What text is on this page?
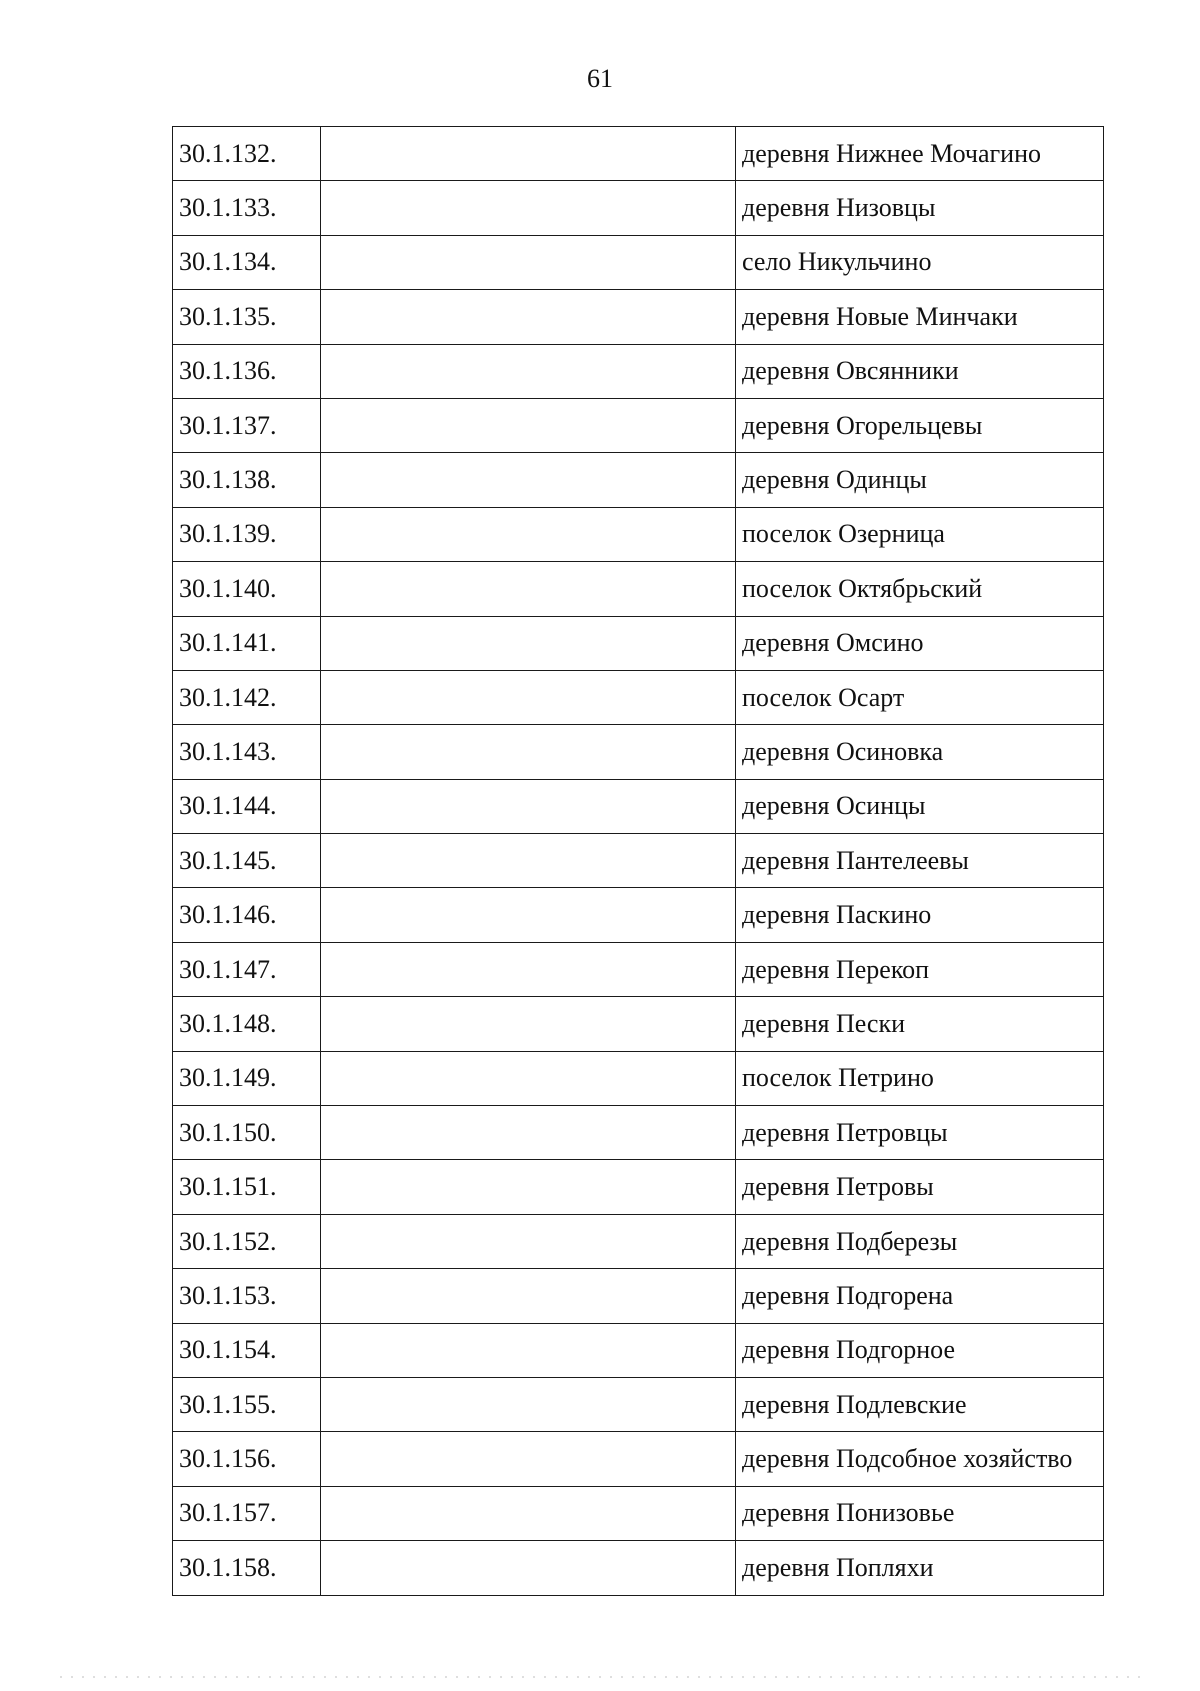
61
30.1.132.		деревня Нижнее Мочагино
30.1.133.		деревня Низовцы
30.1.134.		село Никульчино
30.1.135.		деревня Новые Минчаки
30.1.136.		деревня Овсянники
30.1.137.		деревня Огорельцевы
30.1.138.		деревня Одинцы
30.1.139.		поселок Озерница
30.1.140.		поселок Октябрьский
30.1.141.		деревня Омсино
30.1.142.		поселок Осарт
30.1.143.		деревня Осиновка
30.1.144.		деревня Осинцы
30.1.145.		деревня Пантелеевы
30.1.146.		деревня Паскино
30.1.147.		деревня Перекоп
30.1.148.		деревня Пески
30.1.149.		поселок Петрино
30.1.150.		деревня Петровцы
30.1.151.		деревня Петровы
30.1.152.		деревня Подберезы
30.1.153.		деревня Подгорена
30.1.154.		деревня Подгорное
30.1.155.		деревня Подлевские
30.1.156.		деревня Подсобное хозяйство
30.1.157.		деревня Понизовье
30.1.158.		деревня Попляхи
